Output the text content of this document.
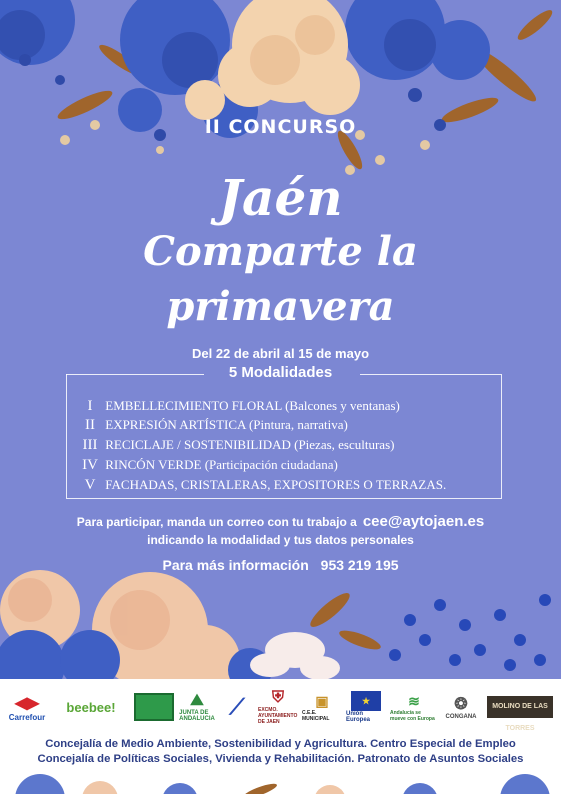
II CONCURSO
Jaén
Comparte la
primavera
Del 22 de abril al 15 de mayo
5 Modalidades
I EMBELLECIMIENTO FLORAL (Balcones y ventanas)
II EXPRESIÓN ARTÍSTICA (Pintura, narrativa)
III RECICLAJE / SOSTENIBILIDAD (Piezas, esculturas)
IV RINCÓN VERDE (Participación ciudadana)
V FACHADAS, CRISTALERAS, EXPOSITORES O TERRAZAS.
Para participar, manda un correo con tu trabajo a cee@aytojaen.es
indicando la modalidad y tus datos personales
Para más información 953 219 195
◀▶
Carrefour
beebee!	⛰
JUNTA DE ANDALUCIA ⟋ ⛨
EXCMO. AYUNTAMIENTO DE JAEN
▣
C.E.E. MUNICIPAL
★
Unión Europea
≋
Andalucía se mueve con Europa
❂
CONGANA
MOLINO DE LAS TORRES
Concejalía de Medio Ambiente, Sostenibilidad y Agricultura. Centro Especial de Empleo
Concejalía de Políticas Sociales, Vivienda y Rehabilitación. Patronato de Asuntos Sociales
